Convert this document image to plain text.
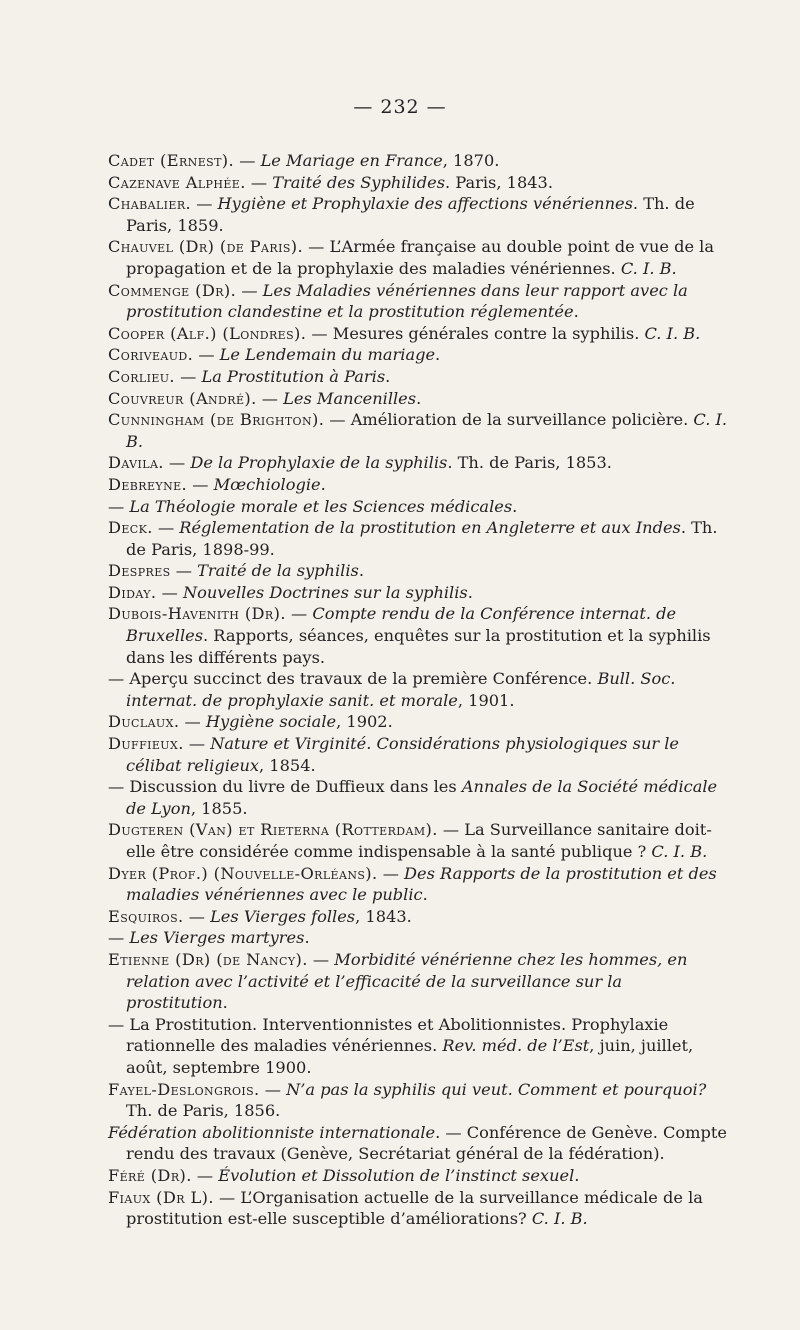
— 232 —

Cadet (Ernest). — Le Mariage en France, 1870.

Cazenave Alphée. — Traité des Syphilides. Paris, 1843.

Chabalier. — Hygiène et Prophylaxie des affections vénériennes. Th. de Paris, 1859.

Chauvel (Dr) (de Paris). — L’Armée française au double point de vue de la propagation et de la prophylaxie des maladies vénériennes. C. I. B.

Commenge (Dr). — Les Maladies vénériennes dans leur rapport avec la prostitution clandestine et la prostitution réglementée.

Cooper (Alf.) (Londres). — Mesures générales contre la syphilis. C. I. B.

Coriveaud. — Le Lendemain du mariage.

Corlieu. — La Prostitution à Paris.

Couvreur (André). — Les Mancenilles.

Cunningham (de Brighton). — Amélioration de la surveillance policière. C. I. B.

Davila. — De la Prophylaxie de la syphilis. Th. de Paris, 1853.

Debreyne. — Mœchiologie.

— La Théologie morale et les Sciences médicales.

Deck. — Réglementation de la prostitution en Angleterre et aux Indes. Th. de Paris, 1898-99.

Despres — Traité de la syphilis.

Diday. — Nouvelles Doctrines sur la syphilis.

Dubois-Havenith (Dr). — Compte rendu de la Conférence internat. de Bruxelles. Rapports, séances, enquêtes sur la prostitution et la syphilis dans les différents pays.

— Aperçu succinct des travaux de la première Conférence. Bull. Soc. internat. de prophylaxie sanit. et morale, 1901.

Duclaux. — Hygiène sociale, 1902.

Duffieux. — Nature et Virginité. Considérations physiologiques sur le célibat religieux, 1854.

— Discussion du livre de Duffieux dans les Annales de la Société médicale de Lyon, 1855.

Dugteren (Van) et Rieterna (Rotterdam). — La Surveillance sanitaire doit-elle être considérée comme indispensable à la santé publique ? C. I. B.

Dyer (Prof.) (Nouvelle-Orléans). — Des Rapports de la prostitution et des maladies vénériennes avec le public.

Esquiros. — Les Vierges folles, 1843.

— Les Vierges martyres.

Etienne (Dr) (de Nancy). — Morbidité vénérienne chez les hommes, en relation avec l’activité et l’efficacité de la surveillance sur la prostitution.

— La Prostitution. Interventionnistes et Abolitionnistes. Prophylaxie rationnelle des maladies vénériennes. Rev. méd. de l’Est, juin, juillet, août, septembre 1900.

Fayel-Deslongrois. — N’a pas la syphilis qui veut. Comment et pourquoi? Th. de Paris, 1856.

Fédération abolitionniste internationale. — Conférence de Genève. Compte rendu des travaux (Genève, Secrétariat général de la fédération).

Féré (Dr). — Évolution et Dissolution de l’instinct sexuel.

Fiaux (Dr L). — L’Organisation actuelle de la surveillance médicale de la prostitution est-elle susceptible d’améliorations? C. I. B.
